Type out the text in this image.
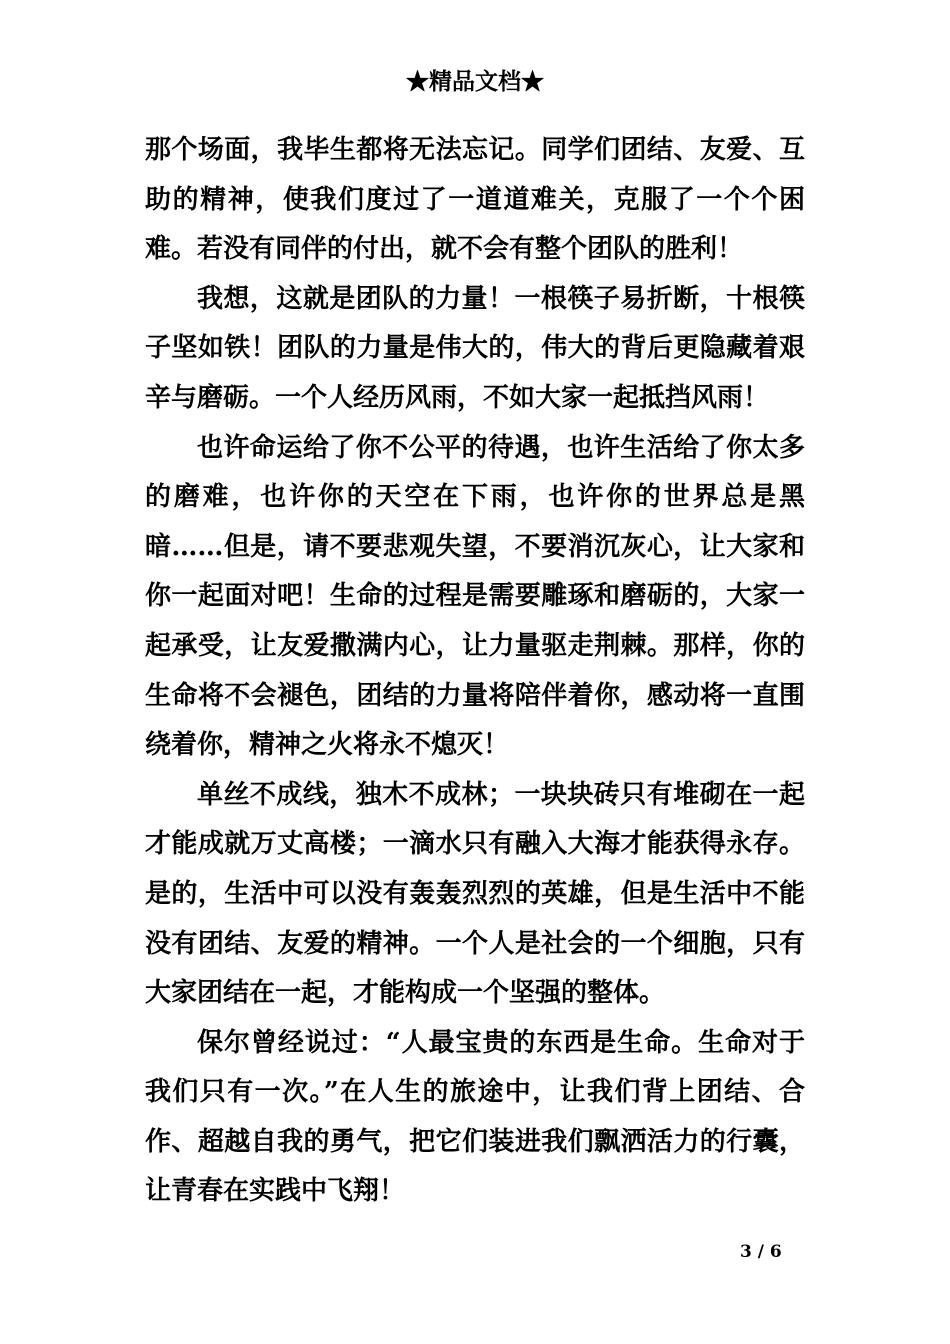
★精品文档★

那个场面，我毕生都将无法忘记。同学们团结、友爱、互助的精神，使我们度过了一道道难关，克服了一个个困难。若没有同伴的付出，就不会有整个团队的胜利！

我想，这就是团队的力量！一根筷子易折断，十根筷子坚如铁！团队的力量是伟大的，伟大的背后更隐藏着艰辛与磨砺。一个人经历风雨，不如大家一起抵挡风雨！

也许命运给了你不公平的待遇，也许生活给了你太多的磨难，也许你的天空在下雨，也许你的世界总是黑暗……但是，请不要悲观失望，不要消沉灰心，让大家和你一起面对吧！生命的过程是需要雕琢和磨砺的，大家一起承受，让友爱撒满内心，让力量驱走荆棘。那样，你的生命将不会褪色，团结的力量将陪伴着你，感动将一直围绕着你，精神之火将永不熄灭！

单丝不成线，独木不成林；一块块砖只有堆砌在一起才能成就万丈高楼；一滴水只有融入大海才能获得永存。是的，生活中可以没有轰轰烈烈的英雄，但是生活中不能没有团结、友爱的精神。一个人是社会的一个细胞，只有大家团结在一起，才能构成一个坚强的整体。

保尔曾经说过：“人最宝贵的东西是生命。生命对于我们只有一次。”在人生的旅途中，让我们背上团结、合作、超越自我的勇气，把它们装进我们飘洒活力的行囊，让青春在实践中飞翔！

3 / 6
